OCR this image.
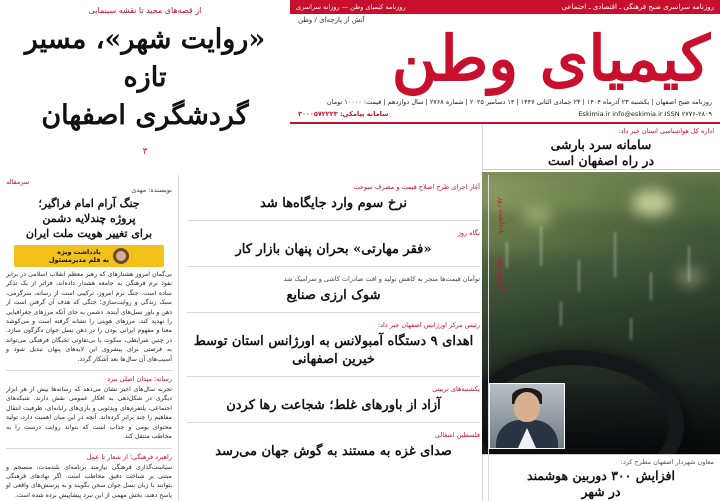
روزنامه سراسری صبح فرهنگی ـ اقتصادی ـ اجتماعی
روزنامه کیمیای وطن — روزانه سراسری
کیمیای وطن
آتش از پارچه‌ای / وطن
روزنامه صبح اصفهان | یکشنبه ۲۳ آذرماه ۱۴۰۴ | ۲۳ جمادی الثانی ۱۴۴۷ | ۱۴ دسامبر ۲۰۲۵ | شماره ۲۷۶۸ | سال دوازدهم | قیمت: ۱۰۰۰۰ تومان
Eskimia.ir info@eskimia.ir ISSN ۲۷۷۶-۲۸۰۹
سامانه پیامکی: ۳۰۰۰۵۷۲۲۲۳
از قصه‌های مجید تا نقشه سینمایی
«روایت شهر»، مسیر تازه
گردشگری اصفهان
۳
اداره کل هواشناسی استان خبر داد:
سامانه سرد بارشی
در راه اصفهان است
معاون شهردار اصفهان مطرح کرد:
افزایش ۳۰۰ دوربین هوشمند
در شهر
آغاز اجرای طرح اصلاح قیمت و مصرف سوخت
نرخ سوم وارد جایگاه‌ها شد
نگاه روز
«فقر مهارتی» بحران پنهان بازار کار
توأمان قیمت‌ها منجر به کاهش تولید و افت صادرات کاشی و سرامیک شد
شوک ارزی صنایع
رئیس مرکز اورژانس اصفهان خبر داد:
اهدای ۹ دستگاه آمبولانس به اورژانس استان توسط خیرین اصفهانی
یکشنبه‌های تربیتی
آزاد از باورهای غلط؛ شجاعت رها کردن
فلسطین اشغالی
صدای غزه به مستند به گوش جهان می‌رسد
یادداشت روز
گزارش ویژه
سرمقاله
نویسنده: مهدی
جنگ آرام امام فراگیر؛
پروژه چندلایه دشمن
برای تغییر هویت ملت ایران
یادداشت ویژه
به قلم مدیرمسئول
بی‌گمان امروز هشتارهای که رهبر معظم انقلاب اسلامی در برابر نفوذ نرم فرهنگی به جامعه هشدار داده‌اند، فراتر از یک تذکر ساده است. جنگ نرم امروز، ترکیبی است از رسانه، سرگرمی، سبک زندگی و روایت‌سازی؛ جنگی که هدف آن گرفتن است از ذهن و باور نسل‌های آینده. دشمن به جای آنکه مرزهای جغرافیایی را تهدید کند، مرزهای هویتی را نشانه گرفته است و می‌کوشد معنا و مفهوم ایرانی بودن را در ذهن نسل جوان دگرگون سازد. در چنین شرایطی، سکوت یا بی‌تفاوتی نخبگان فرهنگی می‌تواند به فرصتی برای پیشروی این لایه‌های پنهان تبدیل شود و آسیب‌های آن سال‌ها بعد آشکار گردد.
رسانه؛ میدان اصلی نبرد
تجربه سال‌های اخیر نشان می‌دهد که رسانه‌ها بیش از هر ابزار دیگری در شکل‌دهی به افکار عمومی نقش دارند. شبکه‌های اجتماعی، پلتفرم‌های ویدئویی و بازی‌های رایانه‌ای، ظرفیت انتقال مفاهیم را چند برابر کرده‌اند. آنچه در این میان اهمیت دارد، تولید محتوای بومی و جذاب است که بتواند روایت درست را به مخاطب منتقل کند.
راهبرد فرهنگی؛ از شعار تا عمل
سیاست‌گذاری فرهنگی نیازمند برنامه‌ای بلندمدت، منسجم و مبتنی بر شناخت دقیق مخاطب است. اگر نهادهای فرهنگی بتوانند با زبان نسل جوان سخن بگویند و به پرسش‌های واقعی او پاسخ دهند، بخش مهمی از این نبرد پیشاپیش برده شده است.
